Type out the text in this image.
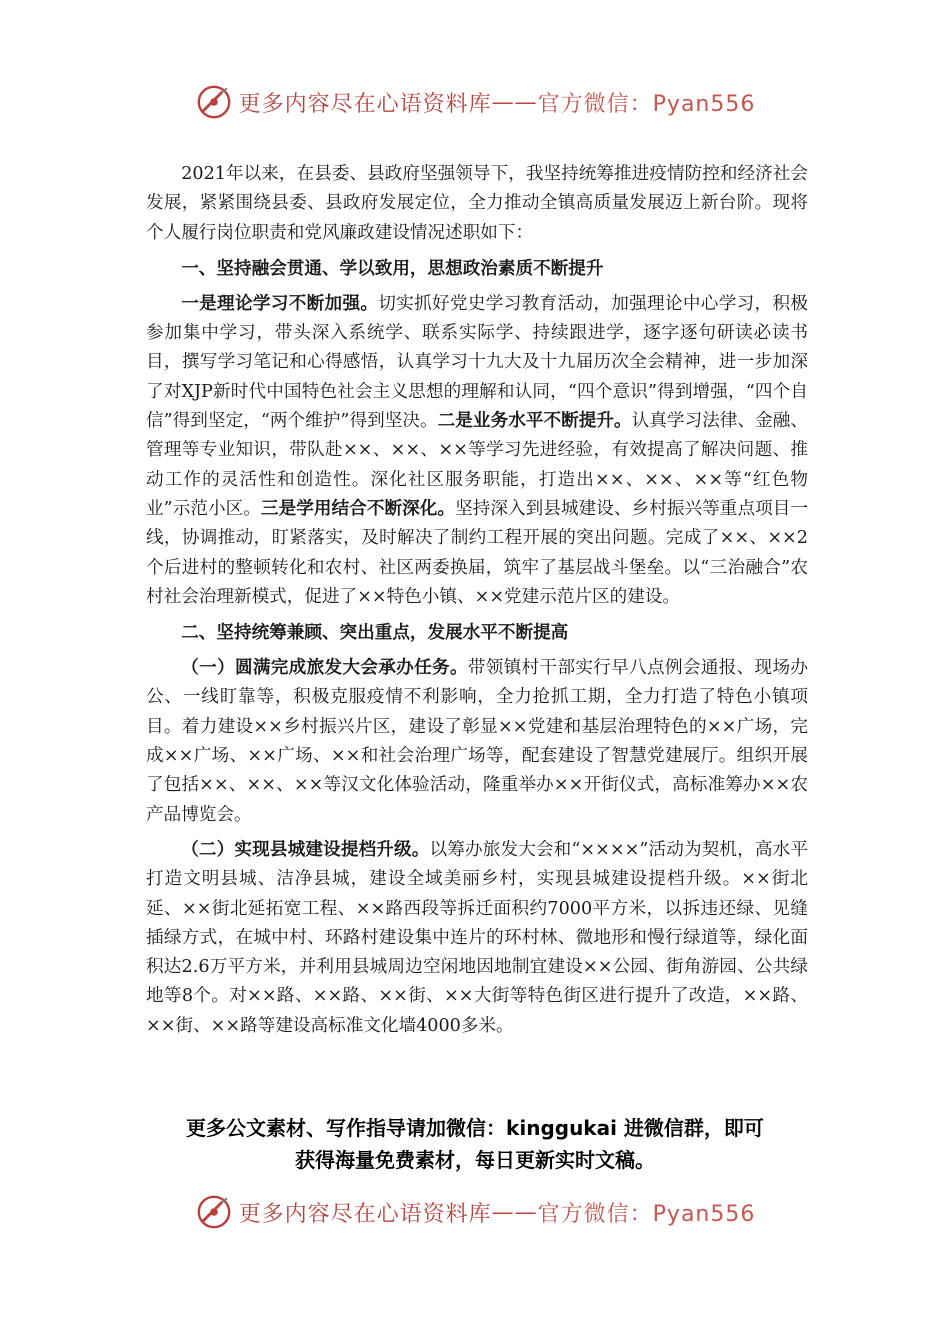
更多内容尽在心语资料库 —— 官方微信：Pyan556

2021年以来，在县委、县政府坚强领导下，我坚持统筹推进疫情防控和经济社会发展，紧紧围绕县委、县政府发展定位，全力推动全镇高质量发展迈上新台阶。现将个人履行岗位职责和党风廉政建设情况述职如下：

一、坚持融会贯通、学以致用，思想政治素质不断提升

一是理论学习不断加强。切实抓好党史学习教育活动，加强理论中心学习，积极参加集中学习，带头深入系统学、联系实际学、持续跟进学，逐字逐句研读必读书目，撰写学习笔记和心得感悟，认真学习十九大及十九届历次全会精神，进一步加深了对XJP新时代中国特色社会主义思想的理解和认同，“四个意识”得到增强，“四个自信”得到坚定，“两个维护”得到坚决。二是业务水平不断提升。认真学习法律、金融、管理等专业知识，带队赴××、××、××等学习先进经验，有效提高了解决问题、推动工作的灵活性和创造性。深化社区服务职能，打造出××、××、××等“红色物业”示范小区。三是学用结合不断深化。坚持深入到县城建设、乡村振兴等重点项目一线，协调推动，盯紧落实，及时解决了制约工程开展的突出问题。完成了××、××2个后进村的整顿转化和农村、社区两委换届，筑牢了基层战斗堡垒。以“三治融合”农村社会治理新模式，促进了××特色小镇、××党建示范片区的建设。

二、坚持统筹兼顾、突出重点，发展水平不断提高

（一）圆满完成旅发大会承办任务。带领镇村干部实行早八点例会通报、现场办公、一线盯靠等，积极克服疫情不利影响，全力抢抓工期，全力打造了特色小镇项目。着力建设××乡村振兴片区，建设了彰显××党建和基层治理特色的××广场，完成××广场、××广场、××和社会治理广场等，配套建设了智慧党建展厅。组织开展了包括××、××、××等汉文化体验活动，隆重举办××开街仪式，高标准筹办××农产品博览会。

（二）实现县城建设提档升级。以筹办旅发大会和“××××”活动为契机，高水平打造文明县城、洁净县城，建设全域美丽乡村，实现县城建设提档升级。××街北延、××街北延拓宽工程、××路西段等拆迁面积约7000平方米，以拆违还绿、见缝插绿方式，在城中村、环路村建设集中连片的环村林、微地形和慢行绿道等，绿化面积达2.6万平方米，并利用县城周边空闲地因地制宜建设××公园、街角游园、公共绿地等8个。对××路、××路、××街、××大街等特色街区进行提升了改造，××路、××街、××路等建设高标准文化墙4000多米。

更多公文素材、写作指导请加微信：kinggukai 进微信群，即可
获得海量免费素材，每日更新实时文稿。
更多内容尽在心语资料库 —— 官方微信：Pyan556
